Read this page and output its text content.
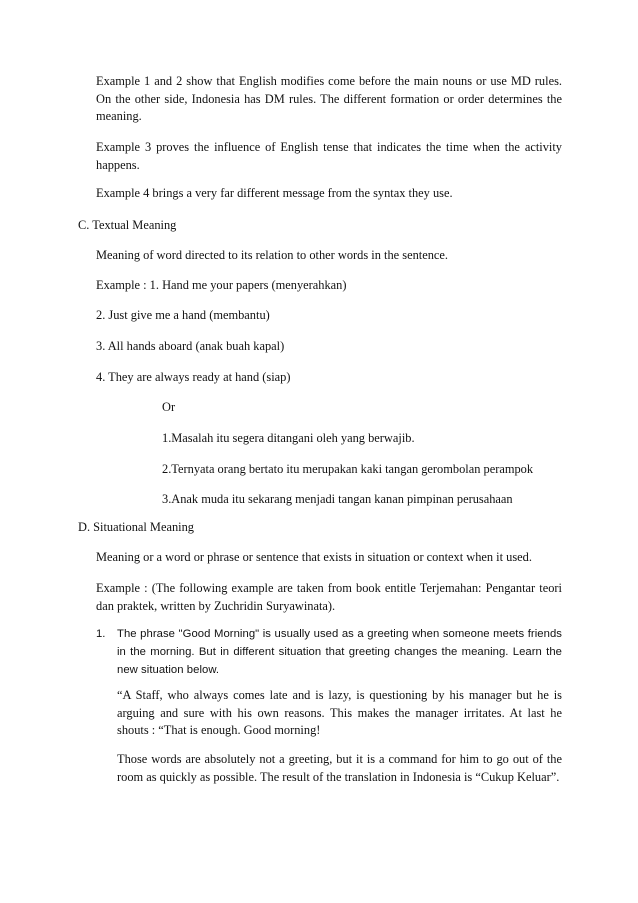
Example 1 and 2 show that English modifies come before the main nouns or use MD rules. On the other side, Indonesia has DM rules. The different formation or order determines the meaning.

Example 3 proves the influence of English tense that indicates the time when the activity happens.

Example 4 brings a very far different message from the syntax they use.

C. Textual Meaning

Meaning of word directed to its relation to other words in the sentence.

Example : 1. Hand me your papers (menyerahkan)

2. Just give me a hand (membantu)

3. All hands aboard (anak buah kapal)

4. They are always ready at hand (siap)

Or

1.Masalah itu segera ditangani oleh yang berwajib.

2.Ternyata orang bertato itu merupakan kaki tangan gerombolan perampok

3.Anak muda itu sekarang menjadi tangan kanan pimpinan perusahaan

D. Situational Meaning

Meaning or a word or phrase or sentence that exists in situation or context when it used.

Example : (The following example are taken from book entitle Terjemahan: Pengantar teori dan praktek, written by Zuchridin Suryawinata).

1. The phrase "Good Morning" is usually used as a greeting when someone meets friends in the morning. But in different situation that greeting changes the meaning. Learn the new situation below.

“A Staff, who always comes late and is lazy, is questioning by his manager but he is arguing and sure with his own reasons. This makes the manager irritates. At last he shouts : “That is enough. Good morning!

Those words are absolutely not a greeting, but it is a command for him to go out of the room as quickly as possible. The result of the translation in Indonesia is “Cukup Keluar”.
